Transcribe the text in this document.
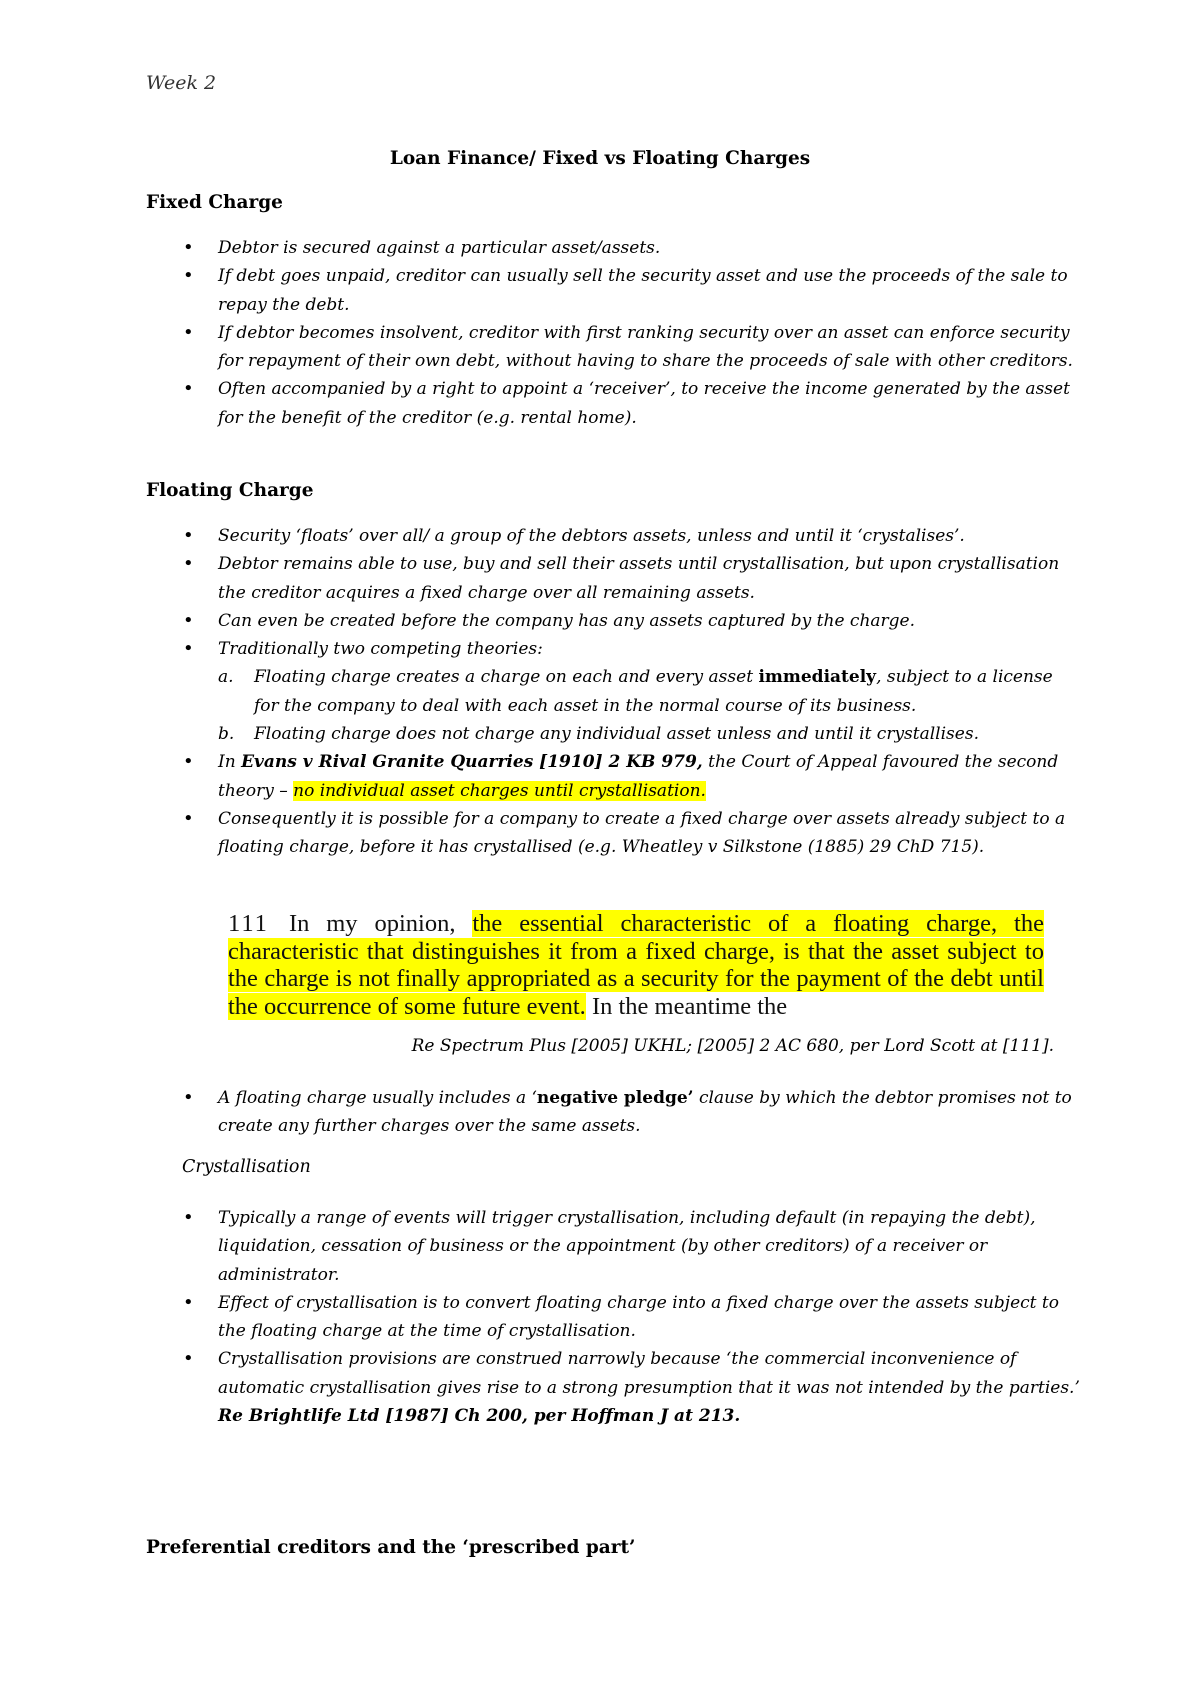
Week 2
Loan Finance/ Fixed vs Floating Charges
Fixed Charge
• Debtor is secured against a particular asset/assets.
• If debt goes unpaid, creditor can usually sell the security asset and use the proceeds of the sale to repay the debt.
• If debtor becomes insolvent, creditor with first ranking security over an asset can enforce security for repayment of their own debt, without having to share the proceeds of sale with other creditors.
• Often accompanied by a right to appoint a ‘receiver’, to receive the income generated by the asset for the benefit of the creditor (e.g. rental home).
Floating Charge
• Security ‘floats’ over all/ a group of the debtors assets, unless and until it ‘crystalises’.
• Debtor remains able to use, buy and sell their assets until crystallisation, but upon crystallisation the creditor acquires a fixed charge over all remaining assets.
• Can even be created before the company has any assets captured by the charge.
• Traditionally two competing theories:
a. Floating charge creates a charge on each and every asset immediately, subject to a license for the company to deal with each asset in the normal course of its business.
b. Floating charge does not charge any individual asset unless and until it crystallises.
• In Evans v Rival Granite Quarries [1910] 2 KB 979, the Court of Appeal favoured the second theory – no individual asset charges until crystallisation.
• Consequently it is possible for a company to create a fixed charge over assets already subject to a floating charge, before it has crystallised (e.g. Wheatley v Silkstone (1885) 29 ChD 715).
111 In my opinion, the essential characteristic of a floating charge, the characteristic that distinguishes it from a fixed charge, is that the asset subject to the charge is not finally appropriated as a security for the payment of the debt until the occurrence of some future event. In the meantime the
Re Spectrum Plus [2005] UKHL; [2005] 2 AC 680, per Lord Scott at [111].
• A floating charge usually includes a ‘negative pledge’ clause by which the debtor promises not to create any further charges over the same assets.
Crystallisation
• Typically a range of events will trigger crystallisation, including default (in repaying the debt), liquidation, cessation of business or the appointment (by other creditors) of a receiver or administrator.
• Effect of crystallisation is to convert floating charge into a fixed charge over the assets subject to the floating charge at the time of crystallisation.
• Crystallisation provisions are construed narrowly because ‘the commercial inconvenience of automatic crystallisation gives rise to a strong presumption that it was not intended by the parties.’ Re Brightlife Ltd [1987] Ch 200, per Hoffman J at 213.
Preferential creditors and the ‘prescribed part’
